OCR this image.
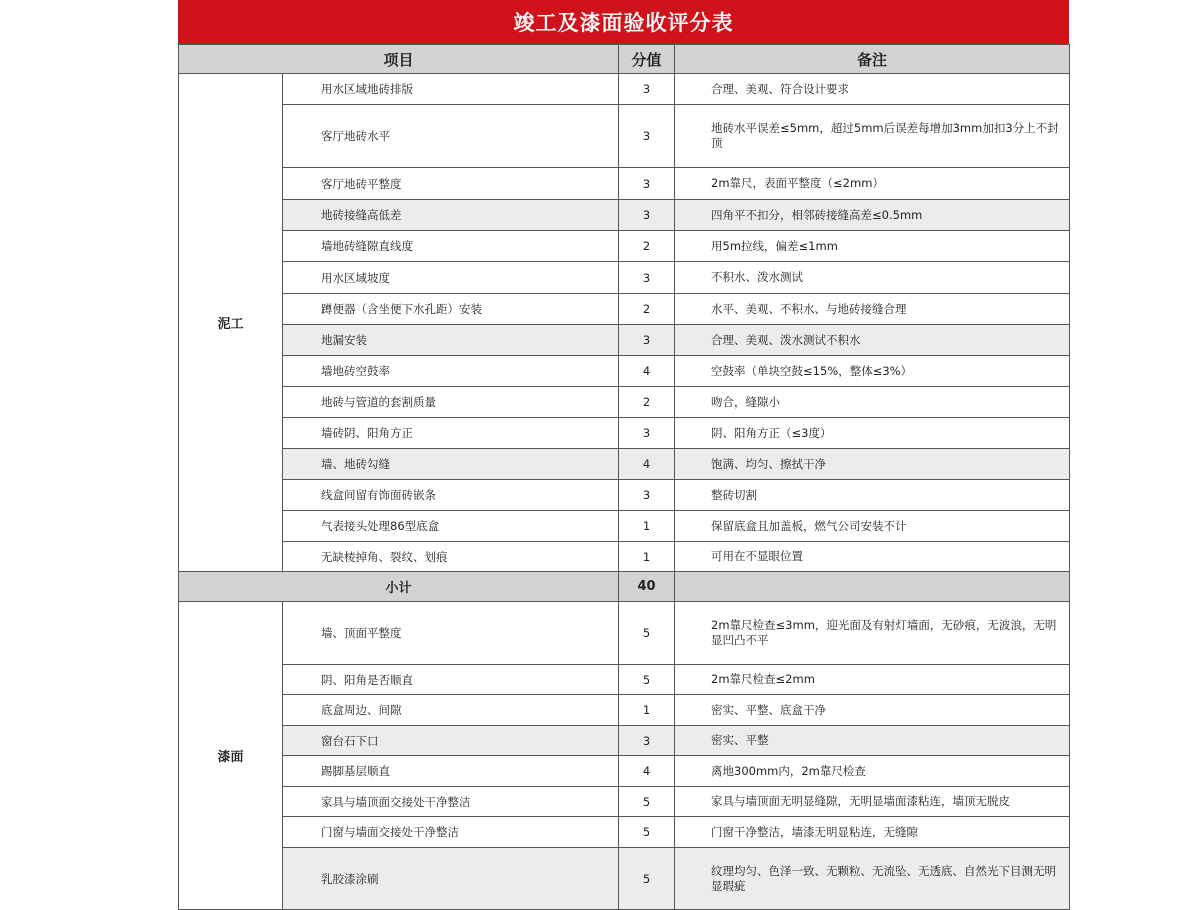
竣工及漆面验收评分表
项目		分值	备注
泥工	用水区域地砖排版	3	合理、美观、符合设计要求
	客厅地砖水平	3	地砖水平误差≤5mm，超过5mm后误差每增加3mm加扣3分上不封顶
	客厅地砖平整度	3	2m靠尺，表面平整度（≤2mm）
	地砖接缝高低差	3	四角平不扣分，相邻砖接缝高差≤0.5mm
	墙地砖缝隙直线度	2	用5m拉线，偏差≤1mm
	用水区域坡度	3	不积水、泼水测试
	蹲便器（含坐便下水孔距）安装	2	水平、美观、不积水、与地砖接缝合理
	地漏安装	3	合理、美观、泼水测试不积水
	墙地砖空鼓率	4	空鼓率（单块空鼓≤15%，整体≤3%）
	地砖与管道的套割质量	2	吻合，缝隙小
	墙砖阴、阳角方正	3	阴、阳角方正（≤3度）
	墙、地砖勾缝	4	饱满、均匀、擦拭干净
	线盒间留有饰面砖嵌条	3	整砖切割
	气表接头处理86型底盒	1	保留底盒且加盖板，燃气公司安装不计
	无缺棱掉角、裂纹、划痕	1	可用在不显眼位置
小计		40	
漆面	墙、顶面平整度	5	2m靠尺检查≤3mm，迎光面及有射灯墙面，无砂痕，无波浪，无明显凹凸不平
	阴、阳角是否顺直	5	2m靠尺检查≤2mm
	底盒周边、间隙	1	密实、平整、底盒干净
	窗台石下口	3	密实、平整
	踢脚基层顺直	4	离地300mm内，2m靠尺检查
	家具与墙顶面交接处干净整洁	5	家具与墙顶面无明显缝隙，无明显墙面漆粘连，墙顶无脱皮
	门窗与墙面交接处干净整洁	5	门窗干净整洁，墙漆无明显粘连，无缝隙
	乳胶漆涂刷	5	纹理均匀、色泽一致、无颗粒、无流坠、无透底、自然光下目测无明显瑕疵
